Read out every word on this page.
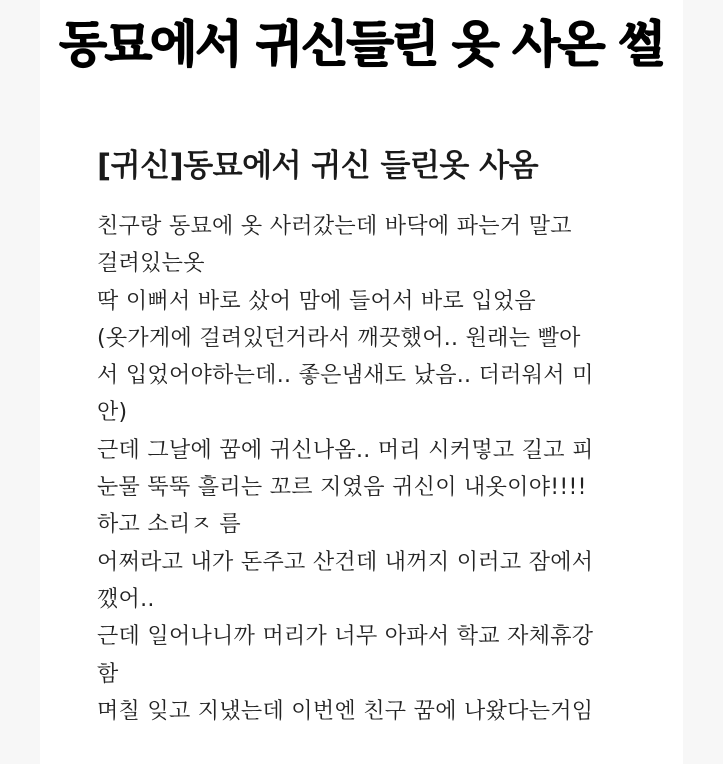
동묘에서 귀신들린 옷 사온 썰
[귀신]동묘에서 귀신 들린옷 사옴
친구랑 동묘에 옷 사러갔는데 바닥에 파는거 말고
걸려있는옷
딱 이뻐서 바로 샀어 맘에 들어서 바로 입었음
(옷가게에 걸려있던거라서 깨끗했어.. 원래는 빨아
서 입었어야하는데.. 좋은냄새도 났음.. 더러워서 미
안)
근데 그날에 꿈에 귀신나옴.. 머리 시커멓고 길고 피
눈물 뚝뚝 흘리는 꼬르 지였음 귀신이 내옷이야!!!!
하고 소리ㅈ 름
어쩌라고 내가 돈주고 산건데 내꺼지 이러고 잠에서
깼어..
근데 일어나니까 머리가 너무 아파서 학교 자체휴강
함
며칠 잊고 지냈는데 이번엔 친구 꿈에 나왔다는거임
